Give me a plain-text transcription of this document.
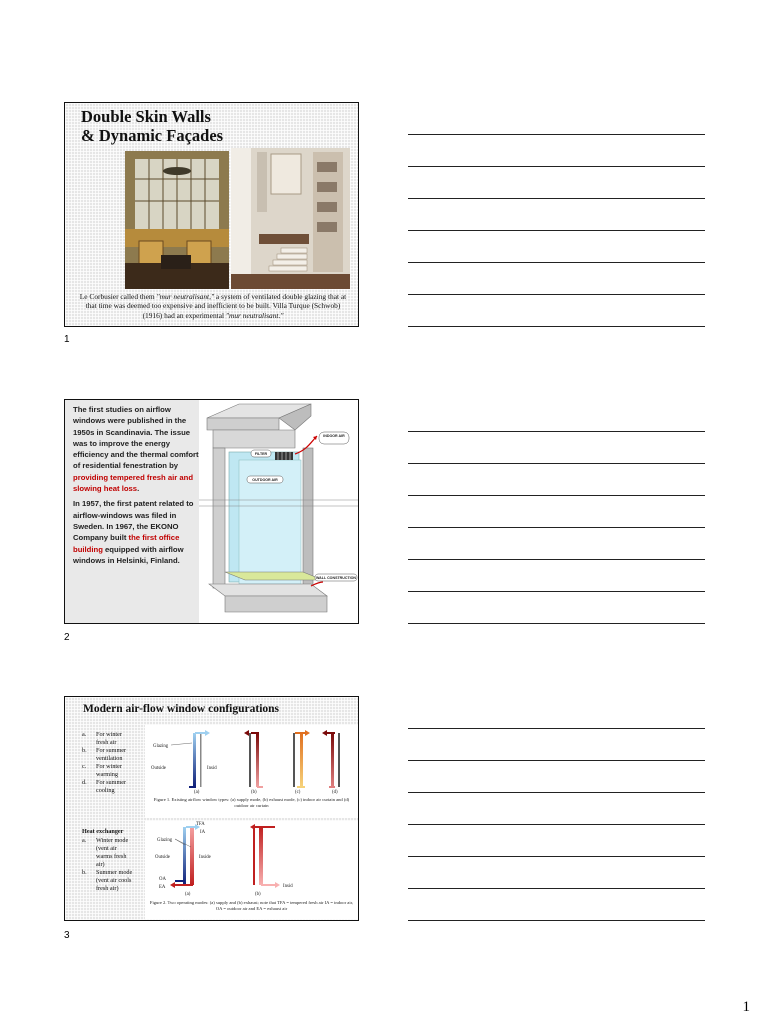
Double Skin Walls
& Dynamic Façades
Le Corbusier called them "mur neutralisant," a system of ventilated double glazing that at that time was deemed too expensive and inefficient to be built. Villa Turque (Schwob) (1916) had an experimental "mur neutralisant."
1

The first studies on airflow windows were published in the 1950s in Scandinavia. The issue was to improve the energy efficiency and the thermal comfort of residential fenestration by providing tempered fresh air and slowing heat loss.

In 1957, the first patent related to airflow-windows was filed in Sweden. In 1967, the EKONO Company built the first office building equipped with airflow windows in Helsinki, Finland.

INDOOR AIR
FILTER
OUTDOOR AIR
WALL CONSTRUCTION
2
Modern air-flow window configurations
a.	For winter
fresh air
b.	For summer
ventilation
c.	For winter
warming
d.	For summer
cooling
Heat exchanger
a.	Winter mode
(vent air
warms fresh
air)
b.	Summer mode
(vent air cools
fresh air)
Glazing
Outside	Insid
(a)	(b)	(c)	(d)
Figure 1. Existing airflow window types: (a) supply mode, (b) exhaust mode, (c) indoor air curtain and (d) outdoor air curtain
TFA
IA
Glazing
Outside	Inside
OA
EA	Insid
(a)	(b)
Figure 2. Two operating modes: (a) supply and (b) exhaust; note that TFA = tempered fresh air IA = indoor air, OA = outdoor air and EA = exhaust air
3
1
